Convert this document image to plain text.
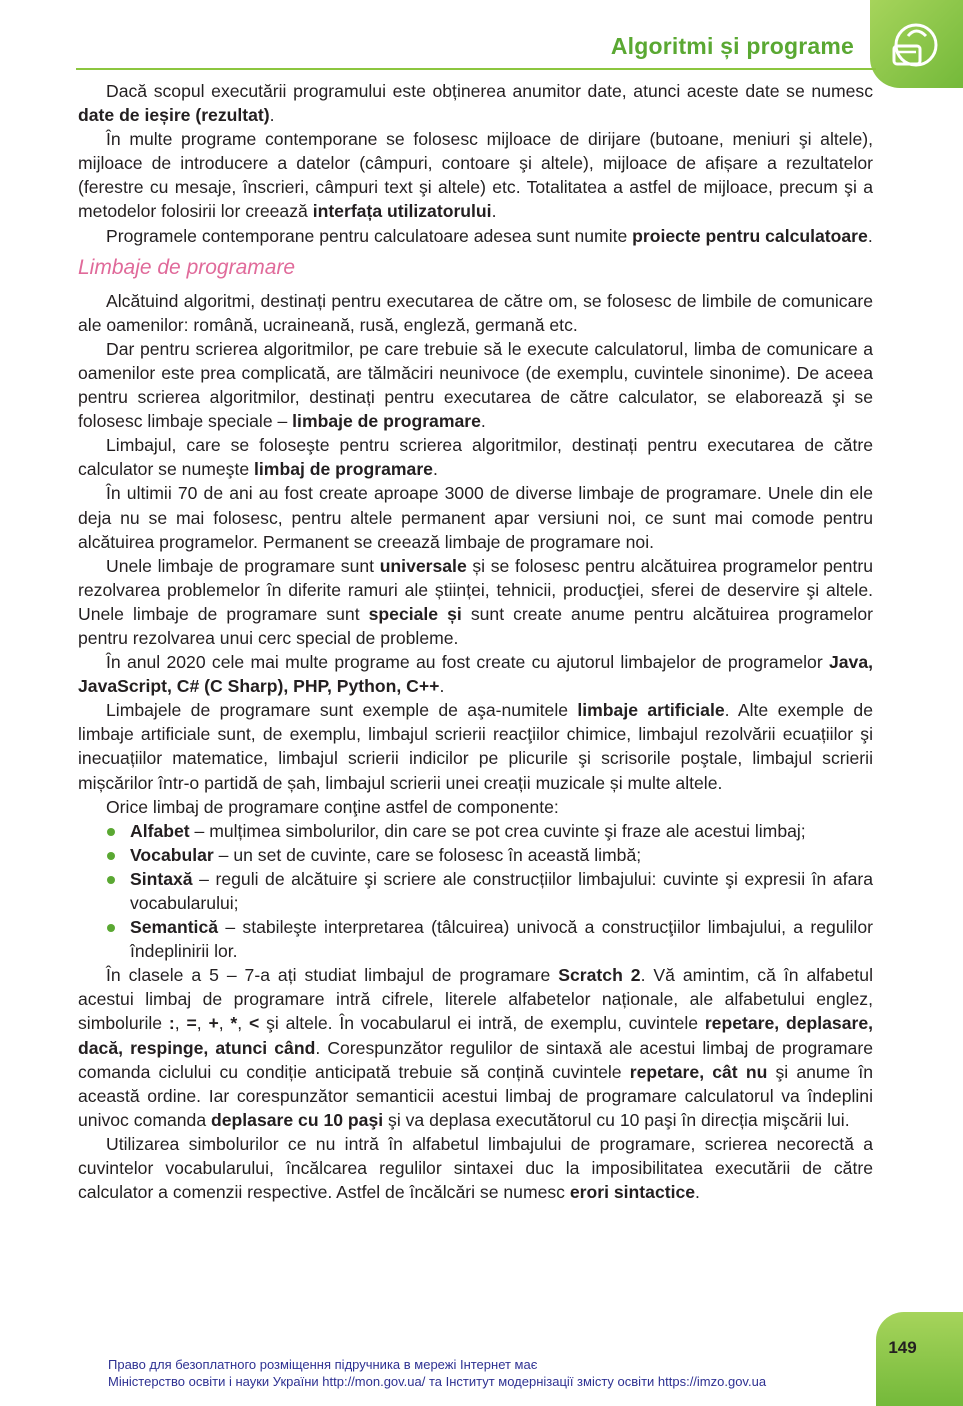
Algoritmi și programe

Dacă scopul executării programului este obținerea anumitor date, atunci aceste date se numesc date de ieșire (rezultat).

În multe programe contemporane se folosesc mijloace de dirijare (butoane, meniuri şi altele), mijloace de introducere a datelor (câmpuri, contoare şi altele), mijloace de afișare a rezultatelor (ferestre cu mesaje, înscrieri, câmpuri text şi altele) etc. Totalitatea a astfel de mijloace, precum şi a metodelor folosirii lor creează interfața utilizatorului.

Programele contemporane pentru calculatoare adesea sunt numite proiecte pentru calculatoare.

Limbaje de programare

Alcătuind algoritmi, destinați pentru executarea de către om, se folosesc de limbile de comunicare ale oamenilor: română, ucraineană, rusă, engleză, germană etc.

Dar pentru scrierea algoritmilor, pe care trebuie să le execute calculatorul, limba de comunicare a oamenilor este prea complicată, are tălmăciri neunivoce (de exemplu, cuvintele sinonime). De aceea pentru scrierea algoritmilor, destinați pentru executarea de către calculator, se elaborează şi se folosesc limbaje speciale – limbaje de programare.

Limbajul, care se foloseşte pentru scrierea algoritmilor, destinați pentru executarea de către calculator se numeşte limbaj de programare.

În ultimii 70 de ani au fost create aproape 3000 de diverse limbaje de programare. Unele din ele deja nu se mai folosesc, pentru altele permanent apar versiuni noi, ce sunt mai comode pentru alcătuirea programelor. Permanent se creează limbaje de programare noi.

Unele limbaje de programare sunt universale și se folosesc pentru alcătuirea programelor pentru rezolvarea problemelor în diferite ramuri ale științei, tehnicii, producţiei, sferei de deservire şi altele. Unele limbaje de programare sunt speciale și sunt create anume pentru alcătuirea programelor pentru rezolvarea unui cerc special de probleme.

În anul 2020 cele mai multe programe au fost create cu ajutorul limbajelor de programelor Java, JavaScript, C# (C Sharp), PHP, Python, C++.

Limbajele de programare sunt exemple de aşa-numitele limbaje artificiale. Alte exemple de limbaje artificiale sunt, de exemplu, limbajul scrierii reacţiilor chimice, limbajul rezolvării ecuațiilor şi inecuațiilor matematice, limbajul scrierii indicilor pe plicurile şi scrisorile poştale, limbajul scrierii mișcărilor într-o partidă de șah, limbajul scrierii unei creații muzicale și multe altele.

Orice limbaj de programare conţine astfel de componente:

Alfabet – mulțimea simbolurilor, din care se pot crea cuvinte şi fraze ale acestui limbaj;
Vocabular – un set de cuvinte, care se folosesc în această limbă;
Sintaxă – reguli de alcătuire şi scriere ale construcțiilor limbajului: cuvinte şi expresii în afara vocabularului;
Semantică – stabileşte interpretarea (tâlcuirea) univocă a construcţiilor limbajului, a regulilor îndeplinirii lor.

În clasele a 5 – 7-a ați studiat limbajul de programare Scratch 2. Vă amintim, că în alfabetul acestui limbaj de programare intră cifrele, literele alfabetelor naționale, ale alfabetului englez, simbolurile :, =, +, *, < şi altele. În vocabularul ei intră, de exemplu, cuvintele repetare, deplasare, dacă, respinge, atunci când. Corespunzător regulilor de sintaxă ale acestui limbaj de programare comanda ciclului cu condiție anticipată trebuie să conțină cuvintele repetare, cât nu şi anume în această ordine. Iar corespunzător semanticii acestui limbaj de programare calculatorul va îndeplini univoc comanda deplasare cu 10 paşi şi va deplasa executătorul cu 10 paşi în direcția mişcării lui.

Utilizarea simbolurilor ce nu intră în alfabetul limbajului de programare, scrierea necorectă a cuvintelor vocabularului, încălcarea regulilor sintaxei duc la imposibilitatea executării de către calculator a comenzii respective. Astfel de încălcări se numesc erori sintactice.

149
Право для безоплатного розміщення підручника в мережі Інтернет має
Міністерство освіти і науки України http://mon.gov.ua/ та Інститут модернізації змісту освіти https://imzo.gov.ua
